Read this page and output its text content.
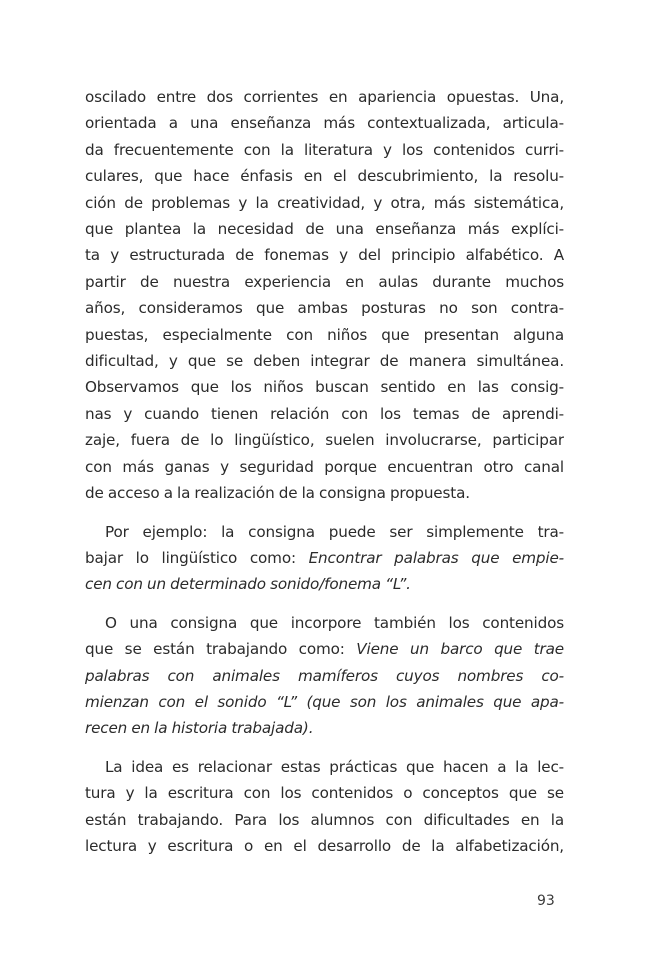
oscilado entre dos corrientes en apariencia opuestas. Una,
orientada a una enseñanza más contextualizada, articula-
da frecuentemente con la literatura y los contenidos curri-
culares, que hace énfasis en el descubrimiento, la resolu-
ción de problemas y la creatividad, y otra, más sistemática,
que plantea la necesidad de una enseñanza más explíci-
ta y estructurada de fonemas y del principio alfabético. A
partir de nuestra experiencia en aulas durante muchos
años, consideramos que ambas posturas no son contra-
puestas, especialmente con niños que presentan alguna
dificultad, y que se deben integrar de manera simultánea.
Observamos que los niños buscan sentido en las consig-
nas y cuando tienen relación con los temas de aprendi-
zaje, fuera de lo lingüístico, suelen involucrarse, participar
con más ganas y seguridad porque encuentran otro canal
de acceso a la realización de la consigna propuesta.

Por ejemplo: la consigna puede ser simplemente tra-
bajar lo lingüístico como: Encontrar palabras que empie-
cen con un determinado sonido/fonema “L”.

O una consigna que incorpore también los contenidos
que se están trabajando como: Viene un barco que trae
palabras con animales mamíferos cuyos nombres co-
mienzan con el sonido “L” (que son los animales que apa-
recen en la historia trabajada).

La idea es relacionar estas prácticas que hacen a la lec-
tura y la escritura con los contenidos o conceptos que se
están trabajando. Para los alumnos con dificultades en la
lectura y escritura o en el desarrollo de la alfabetización,

93
